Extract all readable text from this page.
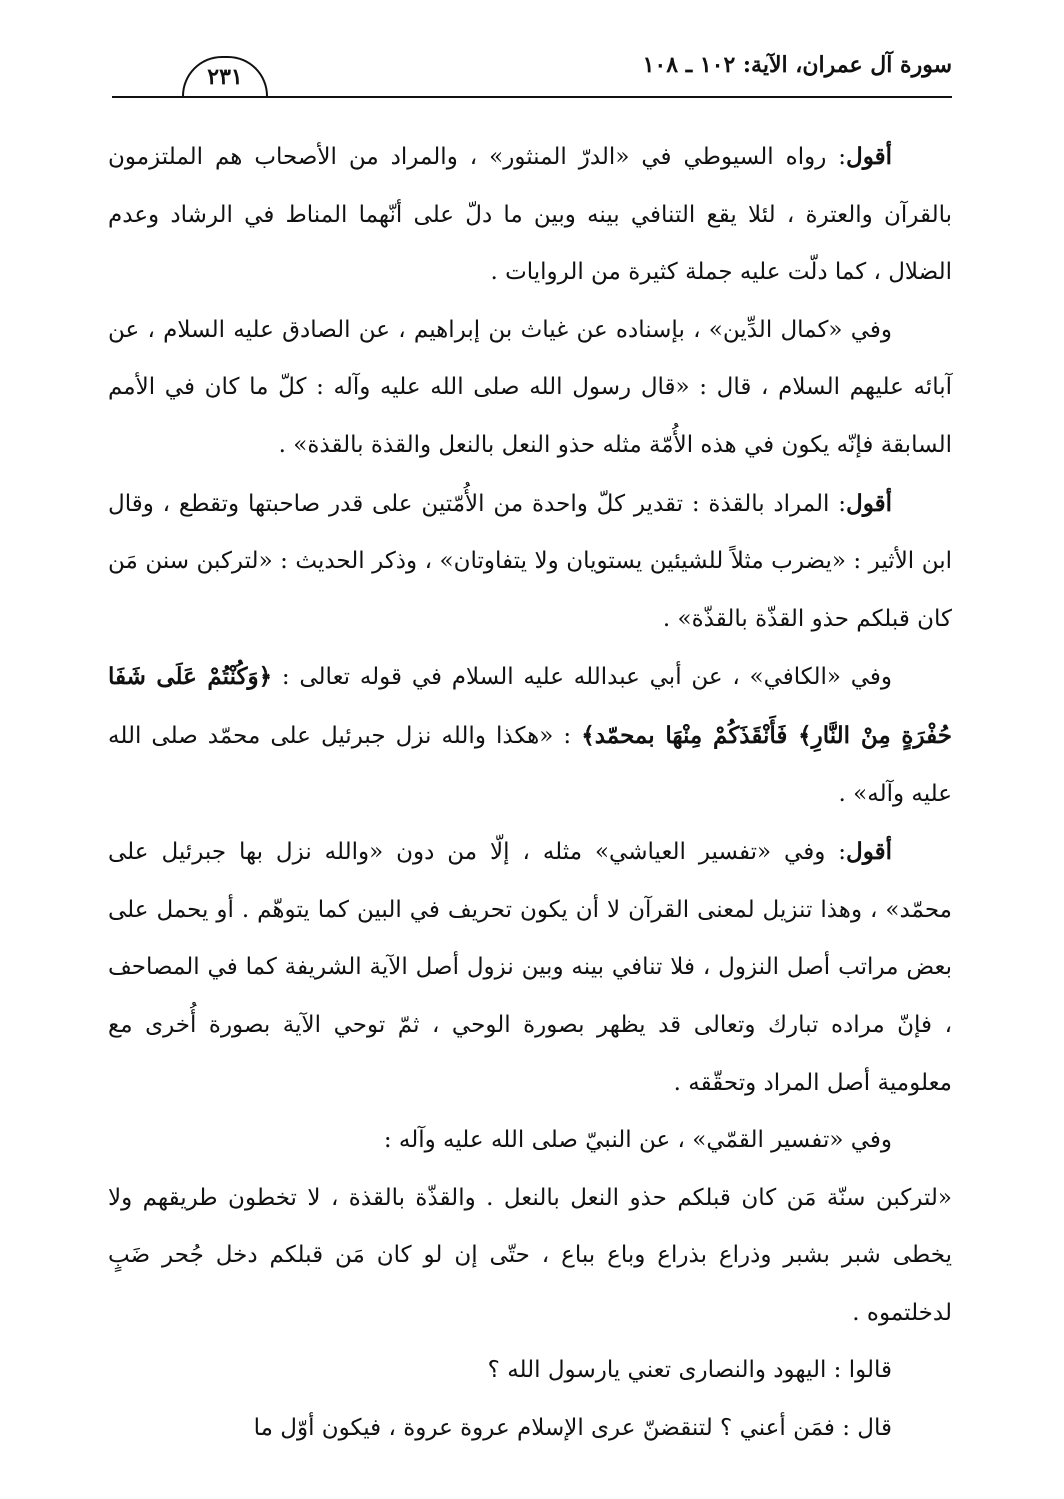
سورة آل عمران، الآية: ١٠٢ ـ ١٠٨
٢٣١

أقول: رواه السيوطي في «الدرّ المنثور» ، والمراد من الأصحاب هم الملتزمون بالقرآن والعترة ، لئلا يقع التنافي بينه وبين ما دلّ على أنّهما المناط في الرشاد وعدم الضلال ، كما دلّت عليه جملة كثيرة من الروايات .

وفي «كمال الدِّين» ، بإسناده عن غياث بن إبراهيم ، عن الصادق عليه السلام ، عن آبائه عليهم السلام ، قال : «قال رسول الله صلى الله عليه وآله : كلّ ما كان في الأمم السابقة فإنّه يكون في هذه الأُمّة مثله حذو النعل بالنعل والقذة بالقذة» .

أقول: المراد بالقذة : تقدير كلّ واحدة من الأُمّتين على قدر صاحبتها وتقطع ، وقال ابن الأثير : «يضرب مثلاً للشيئين يستويان ولا يتفاوتان» ، وذكر الحديث : «لتركبن سنن مَن كان قبلكم حذو القذّة بالقذّة» .

وفي «الكافي» ، عن أبي عبدالله عليه السلام في قوله تعالى : ﴿وَكُنْتُمْ عَلَى شَفَا حُفْرَةٍ مِنْ النَّارِ﴾ فَأَنْقَذَكُمْ مِنْهَا بمحمّد﴾ : «هكذا والله نزل جبرئيل على محمّد صلى الله عليه وآله» .

أقول: وفي «تفسير العياشي» مثله ، إلّا من دون «والله نزل بها جبرئيل على محمّد» ، وهذا تنزيل لمعنى القرآن لا أن يكون تحريف في البين كما يتوهّم . أو يحمل على بعض مراتب أصل النزول ، فلا تنافي بينه وبين نزول أصل الآية الشريفة كما في المصاحف ، فإنّ مراده تبارك وتعالى قد يظهر بصورة الوحي ، ثمّ توحي الآية بصورة أُخرى مع معلومية أصل المراد وتحقّقه .

وفي «تفسير القمّي» ، عن النبيّ صلى الله عليه وآله :

«لتركبن سنّة مَن كان قبلكم حذو النعل بالنعل . والقذّة بالقذة ، لا تخطون طريقهم ولا يخطى شبر بشبر وذراع بذراع وباع بباع ، حتّى إن لو كان مَن قبلكم دخل جُحر ضَبٍ لدخلتموه .

قالوا : اليهود والنصارى تعني يارسول الله ؟

قال : فمَن أعني ؟ لتنقضنّ عرى الإسلام عروة عروة ، فيكون أوّل ما
